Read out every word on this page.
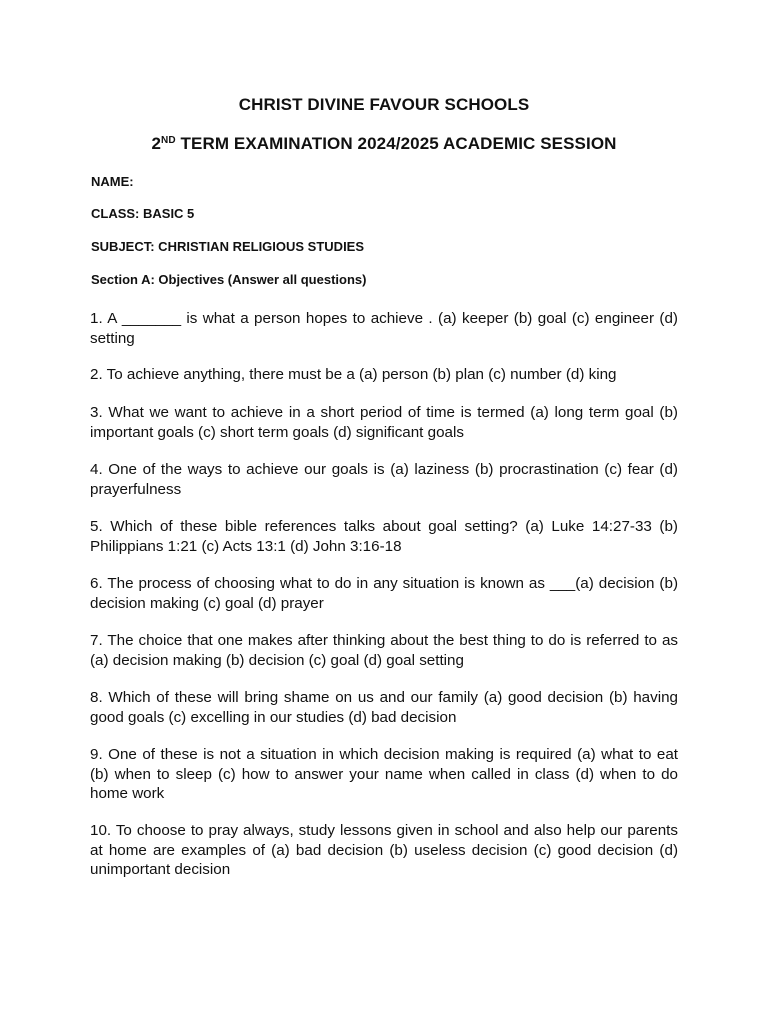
CHRIST DIVINE FAVOUR SCHOOLS
2ND TERM EXAMINATION 2024/2025 ACADEMIC SESSION

NAME:

CLASS: BASIC 5

SUBJECT: CHRISTIAN RELIGIOUS STUDIES

Section A: Objectives (Answer all questions)

1. A _______ is what a person hopes to achieve . (a) keeper (b) goal (c) engineer (d) setting
2. To achieve anything, there must be a (a) person (b) plan (c) number (d) king
3. What we want to achieve in a short period of time is termed (a) long term goal (b) important goals (c) short term goals (d) significant goals
4. One of the ways to achieve our goals is (a) laziness (b) procrastination (c) fear (d) prayerfulness
5. Which of these bible references talks about goal setting? (a) Luke 14:27-33 (b) Philippians 1:21 (c) Acts 13:1 (d) John 3:16-18
6. The process of choosing what to do in any situation is known as ___(a) decision (b) decision making (c) goal (d) prayer
7. The choice that one makes after thinking about the best thing to do is referred to as (a) decision making (b) decision (c) goal (d) goal setting
8. Which of these will bring shame on us and our family (a) good decision (b) having good goals (c) excelling in our studies (d) bad decision
9. One of these is not a situation in which decision making is required (a) what to eat (b) when to sleep (c) how to answer your name when called in class (d) when to do home work
10. To choose to pray always, study lessons given in school and also help our parents at home are examples of (a) bad decision (b) useless decision (c) good decision (d) unimportant decision
